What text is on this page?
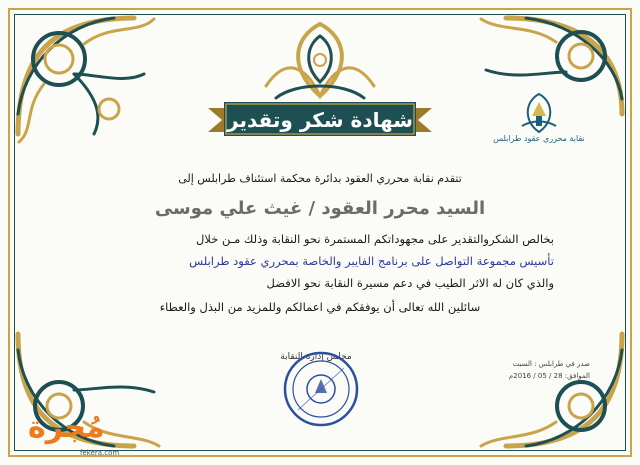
شهادة شكر وتقدير
نقابة محرري عقود طرابلس
تتقدم نقابة محرري العقود بدائرة محكمة استئناف طرابلس إلى
السيد محرر العقود / غيث علي موسى
بخالص الشكروالتقدير على مجهوداتكم المستمرة نحو النقابة وذلك مـن خلال
تأسيس مجموعة التواصل على برنامج الفايبر والخاصة بمحرري عقود طرابلس
والذي كان له الاثر الطيب في دعم مسيرة النقابة نحو الافضل
سائلين الله تعالى أن يوفقكم في اعمالكم وللمزيد من البذل والعطاء
صدر في طرابلس : السبت
الموافق: 28 / 05 / 2016م
مجلس إدارة النقابة
مُجرة
fekera.com
